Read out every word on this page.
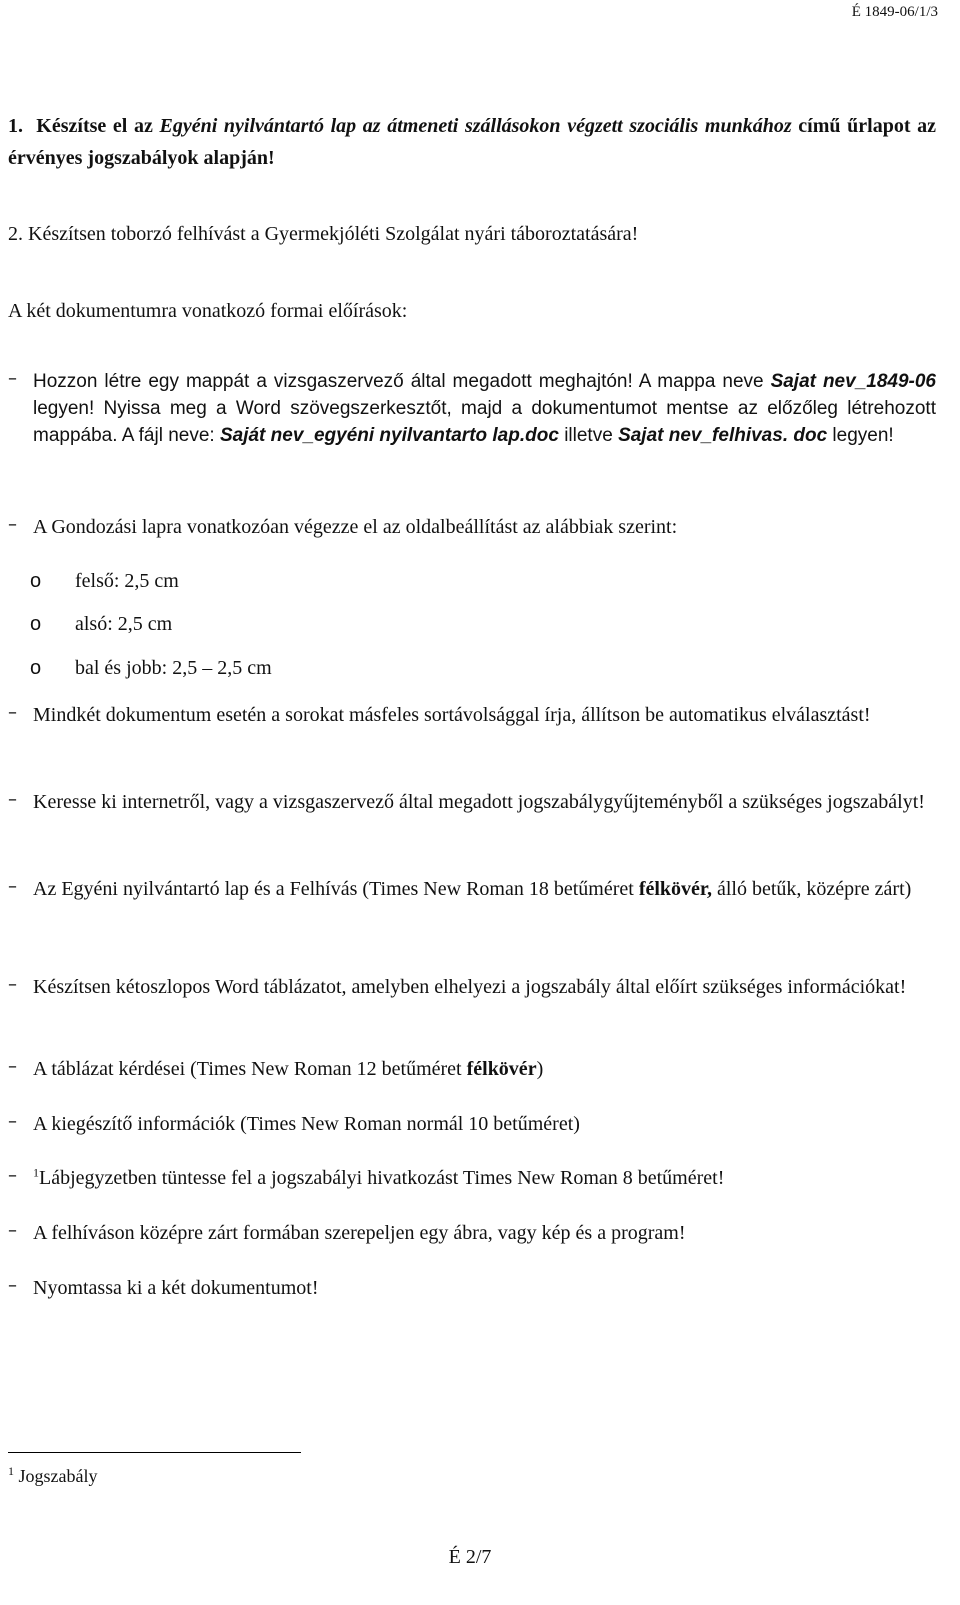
É 1849-06/1/3
1. Készítse el az Egyéni nyilvántartó lap az átmeneti szállásokon végzett szociális munkához című űrlapot az érvényes jogszabályok alapján!
2. Készítsen toborzó felhívást a Gyermekjóléti Szolgálat nyári táboroztatására!
A két dokumentumra vonatkozó formai előírások:
– Hozzon létre egy mappát a vizsgaszervező által megadott meghajtón! A mappa neve Sajat nev_1849-06 legyen! Nyissa meg a Word szövegszerkesztőt, majd a dokumentumot mentse az előzőleg létrehozott mappába. A fájl neve: Saját nev_egyéni nyilvantarto lap.doc illetve Sajat nev_felhivas. doc legyen!
– A Gondozási lapra vonatkozóan végezze el az oldalbeállítást az alábbiak szerint:
o felső: 2,5 cm
o alsó: 2,5 cm
o bal és jobb: 2,5 – 2,5 cm
– Mindkét dokumentum esetén a sorokat másfeles sortávolsággal írja, állítson be automatikus elválasztást!
– Keresse ki internetről, vagy a vizsgaszervező által megadott jogszabálygyűjteményből a szükséges jogszabályt!
– Az Egyéni nyilvántartó lap és a Felhívás (Times New Roman 18 betűméret félkövér, álló betűk, középre zárt)
– Készítsen kétoszlopos Word táblázatot, amelyben elhelyezi a jogszabály által előírt szükséges információkat!
– A táblázat kérdései (Times New Roman 12 betűméret félkövér)
– A kiegészítő információk (Times New Roman normál 10 betűméret)
–	$^1$Lábjegyzetben tüntesse fel a jogszabályi hivatkozást Times New Roman 8 betűméret!
– A felhíváson középre zárt formában szerepeljen egy ábra, vagy kép és a program!
– Nyomtassa ki a két dokumentumot!
$^1$ Jogszabály
É 2/7
